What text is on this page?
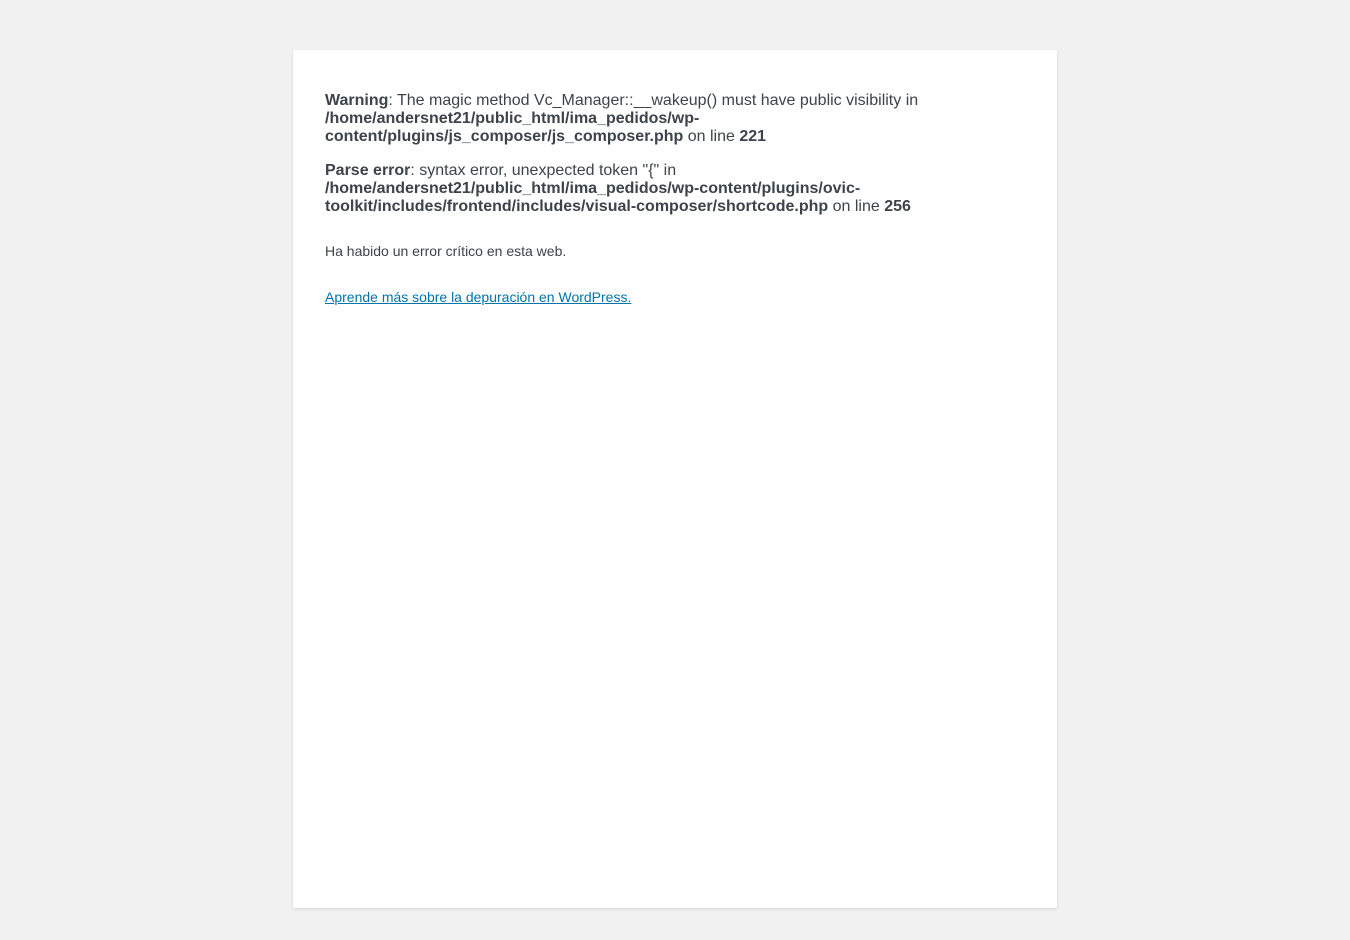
Warning: The magic method Vc_Manager::__wakeup() must have public visibility in /home/andersnet21/public_html/ima_pedidos/wp-content/plugins/js_composer/js_composer.php on line 221
Parse error: syntax error, unexpected token "{" in /home/andersnet21/public_html/ima_pedidos/wp-content/plugins/ovic-toolkit/includes/frontend/includes/visual-composer/shortcode.php on line 256

Ha habido un error crítico en esta web.

Aprende más sobre la depuración en WordPress.
